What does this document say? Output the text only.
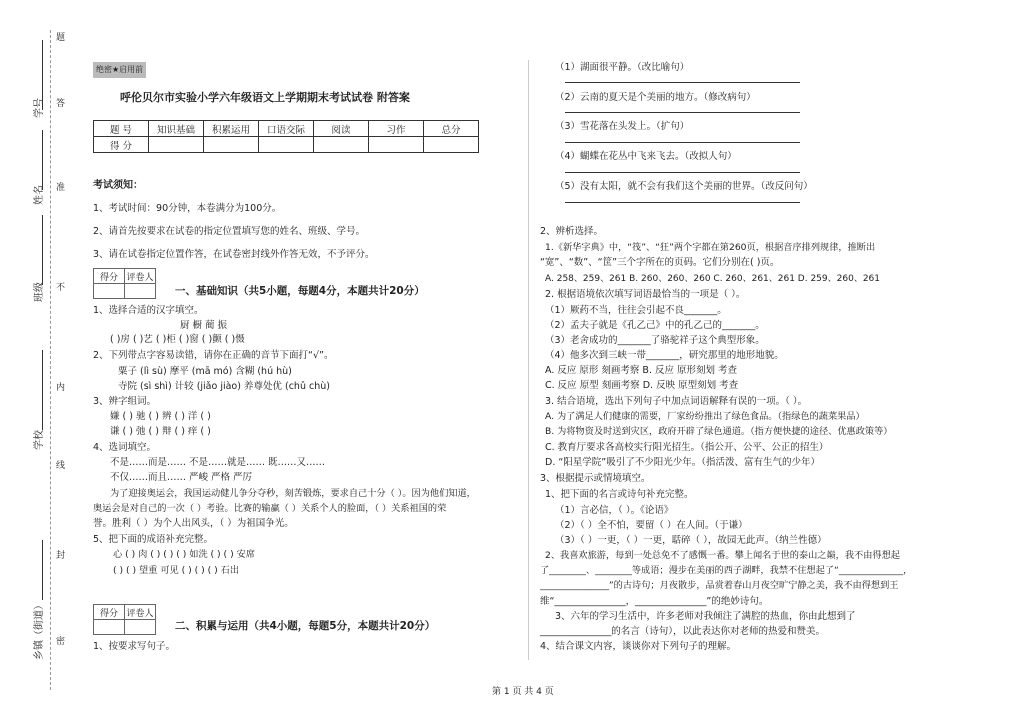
题
学号 答
姓名 准
班级 不
内
学校
线
封
乡镇（街道） 密
绝密★启用前
呼伦贝尔市实验小学六年级语文上学期期末考试试卷 附答案
题 号	知识基础	积累运用	口语交际	阅读	习作	总分
得 分						
考试须知：
1、考试时间：90分钟，本卷满分为100分。
2、请首先按要求在试卷的指定位置填写您的姓名、班级、学号。
3、请在试卷指定位置作答，在试卷密封线外作答无效，不予评分。
得分	评卷人

一、基础知识（共5小题，每题4分，本题共计20分）
1、选择合适的汉字填空。
厨 橱 蔺 振
( )房 ( )艺 ( )柜 ( )窗 ( )颤 ( )慑
2、下列带点字容易读错，请你在正确的音节下面打“√”。
粟子 (lì sù) 摩平 (mā mó) 含糊 (hú hù)
寺院 (sì shì) 计较 (jiǎo jiào) 养尊处优 (chǔ chù)
3、辨字组词。
嫌 ( ) 驰 ( ) 辨 ( ) 洋 ( )
谦 ( ) 弛 ( ) 辩 ( ) 痒 ( )
4、选词填空。
不是……而是…… 不是……就是…… 既……又……
不仅……而且…… 严峻 严格 严厉
为了迎接奥运会，我国运动健儿争分夺秒，刻苦锻炼，要求自己十分（ ）。因为他们知道，
奥运会是对自己的一次（ ）考验。比赛的输赢（ ）关系个人的脸面，（ ）关系祖国的荣
誉。胜利（ ）为个人出风头，（ ）为祖国争光。
5、把下面的成语补充完整。
心 ( ) 肉 ( ) ( ) ( ) 如洗 ( ) ( ) 安席
( ) ( ) 望重 可见 ( ) ( ) ( ) 石出
得分	评卷人

二、积累与运用（共4小题，每题5分，本题共计20分）
1、按要求写句子。
（1）湖面很平静。（改比喻句）
（2）云南的夏天是个美丽的地方。（修改病句）
（3）雪花落在头发上。（扩句）
（4）蝴蝶在花丛中飞来飞去。（改拟人句）
（5）没有太阳，就不会有我们这个美丽的世界。（改反问句）
2、辨析选择。
1.《新华字典》中，“筏”、“狂”两个字都在第260页，根据音序排列规律，推断出
“宽”、“数”、“筐”三个字所在的页码。它们分别在( )页。
A. 258、259、261 B. 260、260、260 C. 260、261、261 D. 259、260、261
2. 根据语境依次填写词语最恰当的一项是（ ）。
（1）厥药不当，往往会引起不良_______。
（2）孟夫子就是《孔乙己》中的孔乙己的_______。
（3）老舍成功的_______了骆驼祥子这个典型形象。
（4）他多次到三峡一带_______，研究那里的地形地貌。
A. 反应 原形 刻画考察 B. 反应 原形刻划 考查
C. 反应 原型 刻画考察 D. 反映 原型刻划 考查
3. 结合语境，选出下列句子中加点词语解释有误的一项。（ ）。
A. 为了满足人们健康的需要，厂家纷纷推出了绿色食品。（指绿色的蔬菜果品）
B. 为将物资及时送到灾区，政府开辟了绿色通道。（指方便快捷的途径、优惠政策等）
C. 教育厅要求各高校实行阳光招生。（指公开、公平、公正的招生）
D. “阳星学院”吸引了不少阳光少年。（指活泼、富有生气的少年）
3、根据提示或情境填空。
1、把下面的名言或诗句补充完整。
（1）言必信，（ ）。《论语》
（2）（ ）全不怕，要留（ ）在人间。（于谦）
（3）（ ）一更，（ ）一更，聒碎（ ），故园无此声。（纳兰性德）
2、我喜欢旅游，每到一处总免不了感慨一番。攀上闻名于世的泰山之巅，我不由得想起
了________、________等成语；漫步在美丽的西子湖畔，我禁不住想起了“______________，
_______________”的古诗句；月夜散步，品赏着春山月夜空旷宁静之美，我不由得想到王
维“_______________，_______________”的绝妙诗句。
3、六年的学习生活中，许多老师对我倾注了满腔的热血，你由此想到了
_______________的名言（诗句），以此表达你对老师的热爱和赞美。
4、结合课文内容，谈谈你对下列句子的理解。
第 1 页 共 4 页
